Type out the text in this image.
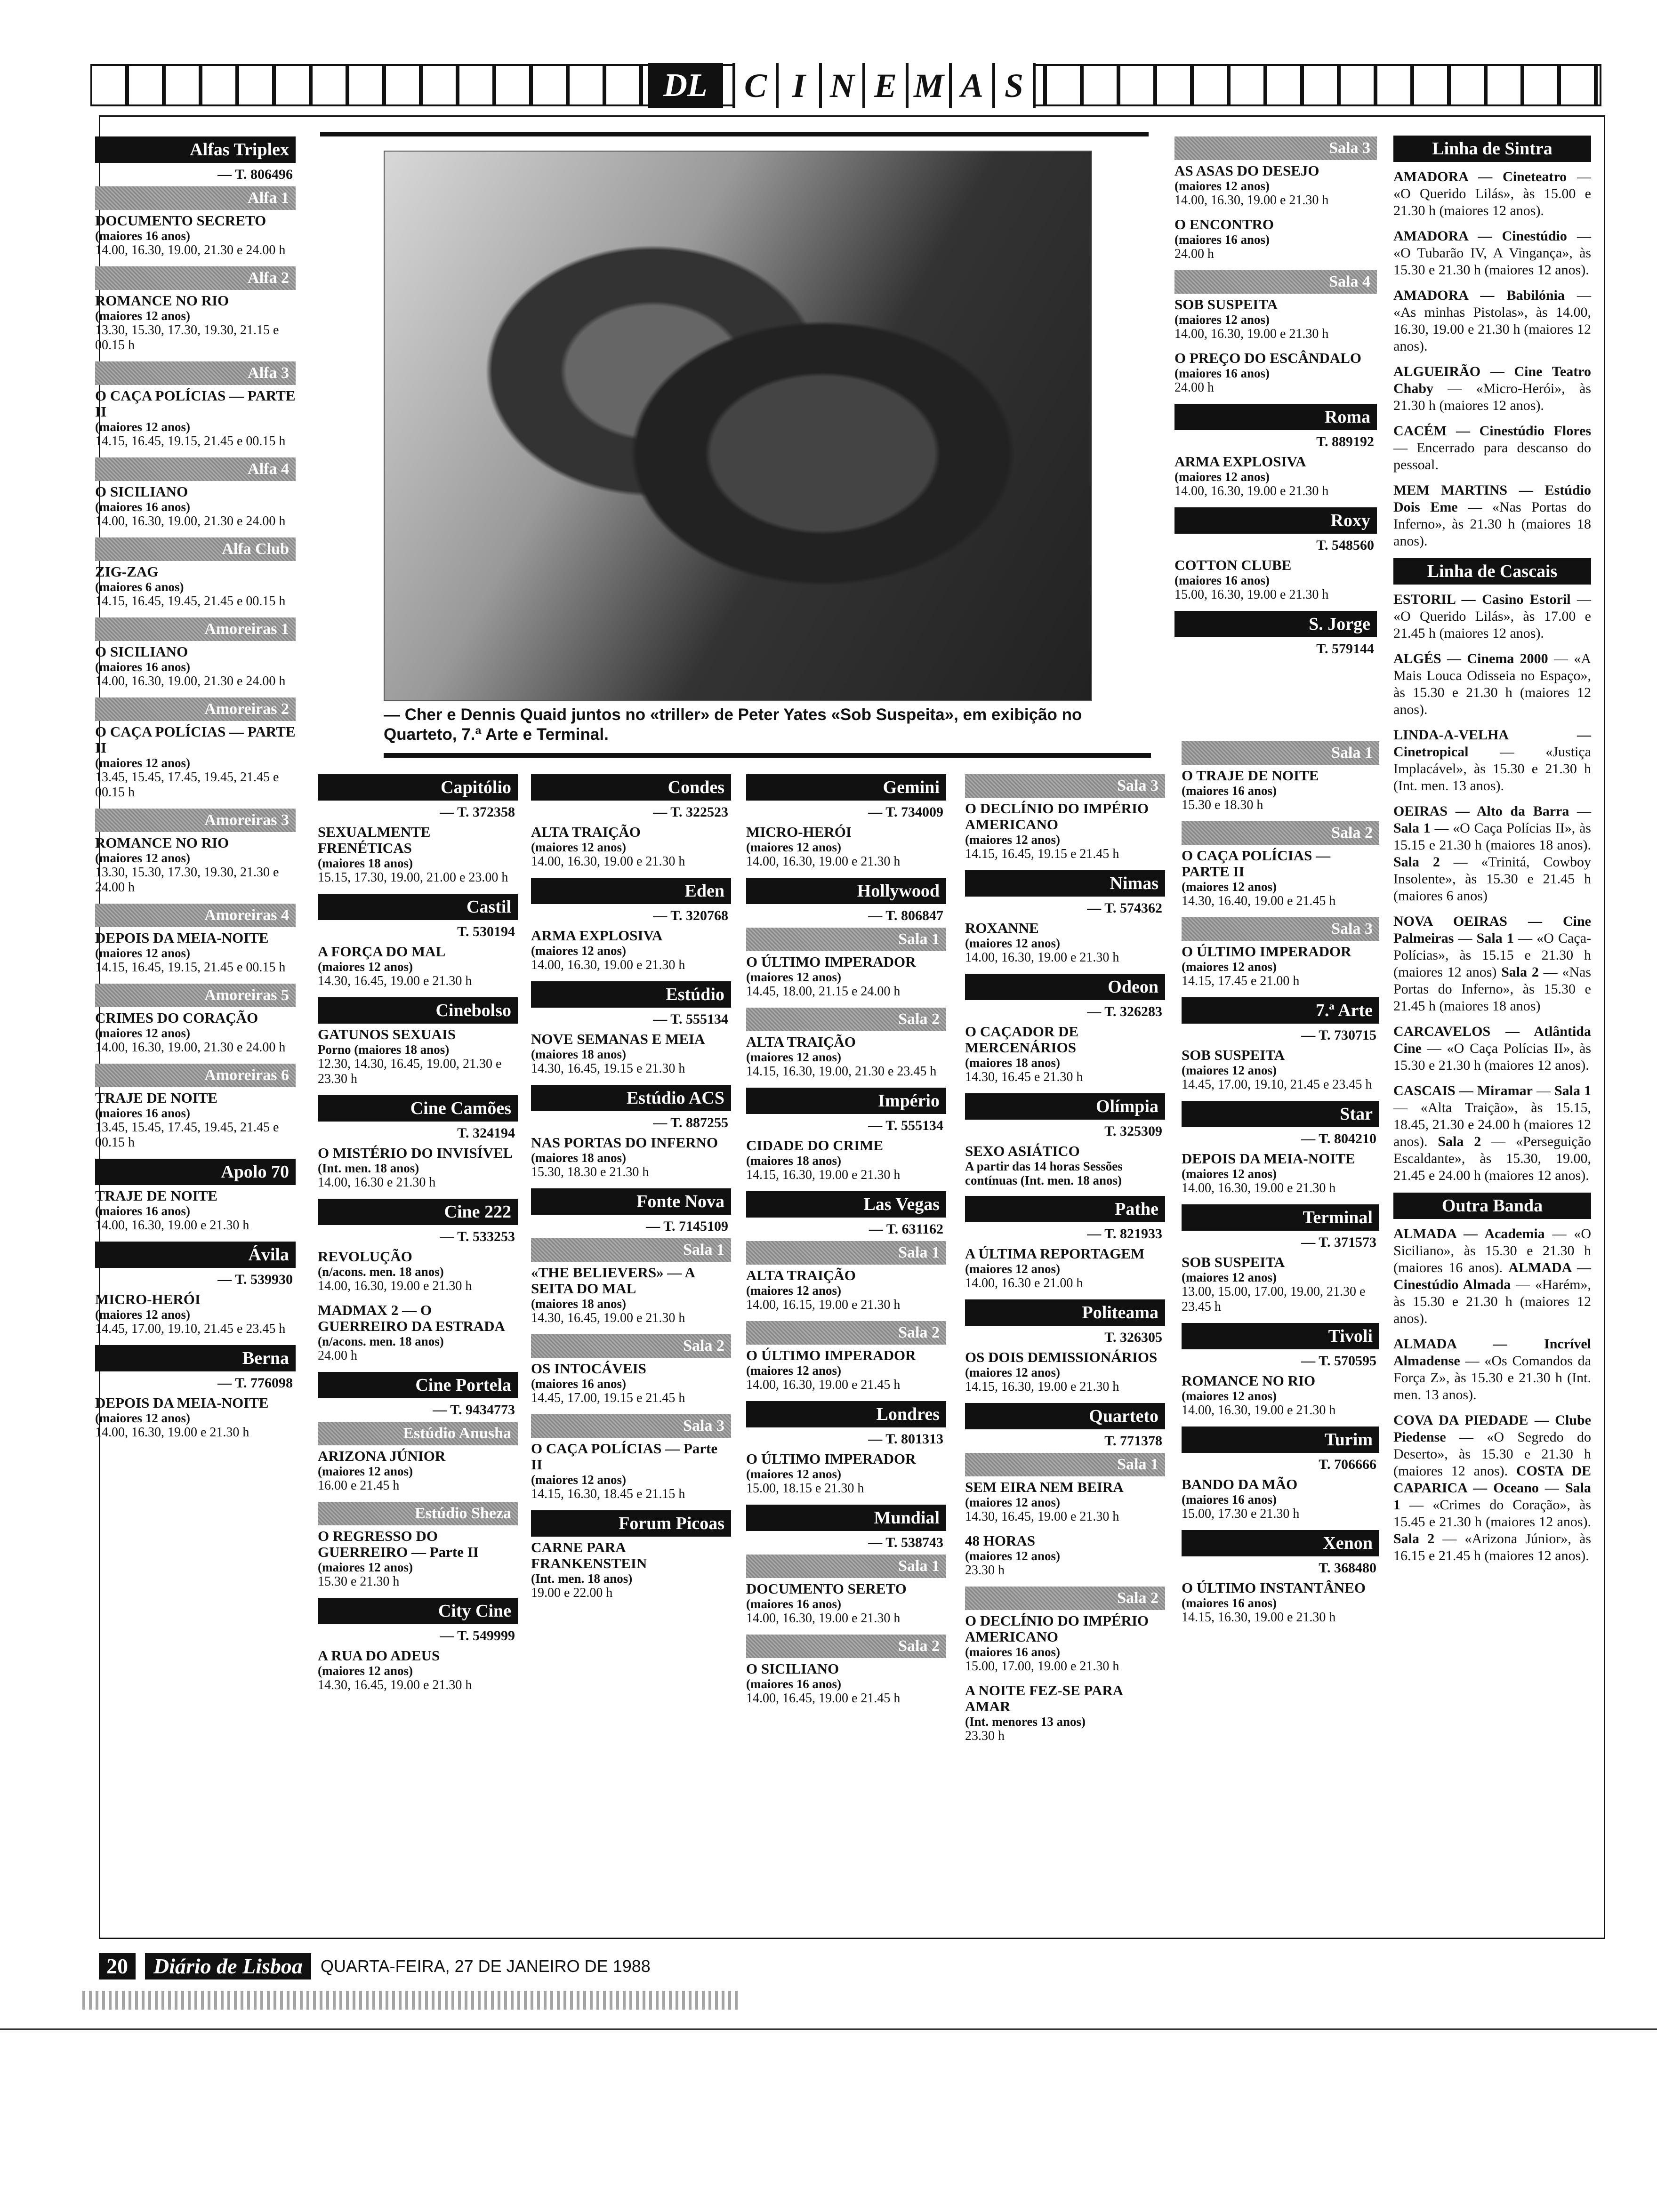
DL	C I N E M A S
— Cher e Dennis Quaid juntos no «triller» de Peter Yates «Sob Suspeita», em exibição no Quarteto, 7.ª Arte e Terminal.
Alfas Triplex
— T. 806496
Alfa 1
DOCUMENTO SECRETO
(maiores 16 anos)
14.00, 16.30, 19.00, 21.30 e 24.00 h
Alfa 2
ROMANCE NO RIO
(maiores 12 anos)
13.30, 15.30, 17.30, 19.30, 21.15 e 00.15 h
Alfa 3
O CAÇA POLÍCIAS — PARTE II
(maiores 12 anos)
14.15, 16.45, 19.15, 21.45 e 00.15 h
Alfa 4
O SICILIANO
(maiores 16 anos)
14.00, 16.30, 19.00, 21.30 e 24.00 h
Alfa Club
ZIG-ZAG
(maiores 6 anos)
14.15, 16.45, 19.45, 21.45 e 00.15 h
Amoreiras 1
O SICILIANO
(maiores 16 anos)
14.00, 16.30, 19.00, 21.30 e 24.00 h
Amoreiras 2
O CAÇA POLÍCIAS — PARTE II
(maiores 12 anos)
13.45, 15.45, 17.45, 19.45, 21.45 e 00.15 h
Amoreiras 3
ROMANCE NO RIO
(maiores 12 anos)
13.30, 15.30, 17.30, 19.30, 21.30 e 24.00 h
Amoreiras 4
DEPOIS DA MEIA-NOITE
(maiores 12 anos)
14.15, 16.45, 19.15, 21.45 e 00.15 h
Amoreiras 5
CRIMES DO CORAÇÃO
(maiores 12 anos)
14.00, 16.30, 19.00, 21.30 e 24.00 h
Amoreiras 6
TRAJE DE NOITE
(maiores 16 anos)
13.45, 15.45, 17.45, 19.45, 21.45 e 00.15 h
Apolo 70
TRAJE DE NOITE
(maiores 16 anos)
14.00, 16.30, 19.00 e 21.30 h
Ávila
— T. 539930
MICRO-HERÓI
(maiores 12 anos)
14.45, 17.00, 19.10, 21.45 e 23.45 h
Berna
— T. 776098
DEPOIS DA MEIA-NOITE
(maiores 12 anos)
14.00, 16.30, 19.00 e 21.30 h
Capitólio
— T. 372358
SEXUALMENTE FRENÉTICAS
(maiores 18 anos)
15.15, 17.30, 19.00, 21.00 e 23.00 h
Castil
T. 530194
A FORÇA DO MAL
(maiores 12 anos)
14.30, 16.45, 19.00 e 21.30 h
Cinebolso
GATUNOS SEXUAIS
Porno (maiores 18 anos)
12.30, 14.30, 16.45, 19.00, 21.30 e 23.30 h
Cine Camões
T. 324194
O MISTÉRIO DO INVISÍVEL
(Int. men. 18 anos)
14.00, 16.30 e 21.30 h
Cine 222
— T. 533253
REVOLUÇÃO
(n/acons. men. 18 anos)
14.00, 16.30, 19.00 e 21.30 h
MADMAX 2 — O GUERREIRO DA ESTRADA
(n/acons. men. 18 anos)
24.00 h
Cine Portela
— T. 9434773
Estúdio Anusha
ARIZONA JÚNIOR
(maiores 12 anos)
16.00 e 21.45 h
Estúdio Sheza
O REGRESSO DO GUERREIRO — Parte II
(maiores 12 anos)
15.30 e 21.30 h
City Cine
— T. 549999
A RUA DO ADEUS
(maiores 12 anos)
14.30, 16.45, 19.00 e 21.30 h
Condes
— T. 322523
ALTA TRAIÇÃO
(maiores 12 anos)
14.00, 16.30, 19.00 e 21.30 h
Eden
— T. 320768
ARMA EXPLOSIVA
(maiores 12 anos)
14.00, 16.30, 19.00 e 21.30 h
Estúdio
— T. 555134
NOVE SEMANAS E MEIA
(maiores 18 anos)
14.30, 16.45, 19.15 e 21.30 h
Estúdio ACS
— T. 887255
NAS PORTAS DO INFERNO
(maiores 18 anos)
15.30, 18.30 e 21.30 h
Fonte Nova
— T. 7145109
Sala 1
«THE BELIEVERS» — A SEITA DO MAL
(maiores 18 anos)
14.30, 16.45, 19.00 e 21.30 h
Sala 2
OS INTOCÁVEIS
(maiores 16 anos)
14.45, 17.00, 19.15 e 21.45 h
Sala 3
O CAÇA POLÍCIAS — Parte II
(maiores 12 anos)
14.15, 16.30, 18.45 e 21.15 h
Forum Picoas
CARNE PARA FRANKENSTEIN
(Int. men. 18 anos)
19.00 e 22.00 h
Gemini
— T. 734009
MICRO-HERÓI
(maiores 12 anos)
14.00, 16.30, 19.00 e 21.30 h
Hollywood
— T. 806847
Sala 1
O ÚLTIMO IMPERADOR
(maiores 12 anos)
14.45, 18.00, 21.15 e 24.00 h
Sala 2
ALTA TRAIÇÃO
(maiores 12 anos)
14.15, 16.30, 19.00, 21.30 e 23.45 h
Império
— T. 555134
CIDADE DO CRIME
(maiores 18 anos)
14.15, 16.30, 19.00 e 21.30 h
Las Vegas
— T. 631162
Sala 1
ALTA TRAIÇÃO
(maiores 12 anos)
14.00, 16.15, 19.00 e 21.30 h
Sala 2
O ÚLTIMO IMPERADOR
(maiores 12 anos)
14.00, 16.30, 19.00 e 21.45 h
Londres
— T. 801313
O ÚLTIMO IMPERADOR
(maiores 12 anos)
15.00, 18.15 e 21.30 h
Mundial
— T. 538743
Sala 1
DOCUMENTO SERETO
(maiores 16 anos)
14.00, 16.30, 19.00 e 21.30 h
Sala 2
O SICILIANO
(maiores 16 anos)
14.00, 16.45, 19.00 e 21.45 h
Sala 3
O DECLÍNIO DO IMPÉRIO AMERICANO
(maiores 12 anos)
14.15, 16.45, 19.15 e 21.45 h
Nimas
— T. 574362
ROXANNE
(maiores 12 anos)
14.00, 16.30, 19.00 e 21.30 h
Odeon
— T. 326283
O CAÇADOR DE MERCENÁRIOS
(maiores 18 anos)
14.30, 16.45 e 21.30 h
Olímpia
T. 325309
SEXO ASIÁTICO
A partir das 14 horas Sessões contínuas (Int. men. 18 anos)
Pathe
— T. 821933
A ÚLTIMA REPORTAGEM
(maiores 12 anos)
14.00, 16.30 e 21.00 h
Politeama
T. 326305
OS DOIS DEMISSIONÁRIOS
(maiores 12 anos)
14.15, 16.30, 19.00 e 21.30 h
Quarteto
T. 771378
Sala 1
SEM EIRA NEM BEIRA
(maiores 12 anos)
14.30, 16.45, 19.00 e 21.30 h
48 HORAS
(maiores 12 anos)
23.30 h
Sala 2
O DECLÍNIO DO IMPÉRIO AMERICANO
(maiores 16 anos)
15.00, 17.00, 19.00 e 21.30 h
A NOITE FEZ-SE PARA AMAR
(Int. menores 13 anos)
23.30 h
Sala 3
AS ASAS DO DESEJO
(maiores 12 anos)
14.00, 16.30, 19.00 e 21.30 h
O ENCONTRO
(maiores 16 anos)
24.00 h
Sala 4
SOB SUSPEITA
(maiores 12 anos)
14.00, 16.30, 19.00 e 21.30 h
O PREÇO DO ESCÂNDALO
(maiores 16 anos)
24.00 h
Roma
T. 889192
ARMA EXPLOSIVA
(maiores 12 anos)
14.00, 16.30, 19.00 e 21.30 h
Roxy
T. 548560
COTTON CLUBE
(maiores 16 anos)
15.00, 16.30, 19.00 e 21.30 h
S. Jorge
T. 579144
Sala 1
O TRAJE DE NOITE
(maiores 16 anos)
15.30 e 18.30 h
Sala 2
O CAÇA POLÍCIAS — PARTE II
(maiores 12 anos)
14.30, 16.40, 19.00 e 21.45 h
Sala 3
O ÚLTIMO IMPERADOR
(maiores 12 anos)
14.15, 17.45 e 21.00 h
7.ª Arte
— T. 730715
SOB SUSPEITA
(maiores 12 anos)
14.45, 17.00, 19.10, 21.45 e 23.45 h
Star
— T. 804210
DEPOIS DA MEIA-NOITE
(maiores 12 anos)
14.00, 16.30, 19.00 e 21.30 h
Terminal
— T. 371573
SOB SUSPEITA
(maiores 12 anos)
13.00, 15.00, 17.00, 19.00, 21.30 e 23.45 h
Tivoli
— T. 570595
ROMANCE NO RIO
(maiores 12 anos)
14.00, 16.30, 19.00 e 21.30 h
Turim
T. 706666
BANDO DA MÃO
(maiores 16 anos)
15.00, 17.30 e 21.30 h
Xenon
T. 368480
O ÚLTIMO INSTANTÂNEO
(maiores 16 anos)
14.15, 16.30, 19.00 e 21.30 h
Linha de Sintra

AMADORA — Cineteatro — «O Querido Lilás», às 15.00 e 21.30 h (maiores 12 anos).

AMADORA — Cinestúdio — «O Tubarão IV, A Vingança», às 15.30 e 21.30 h (maiores 12 anos).

AMADORA — Babilónia — «As minhas Pistolas», às 14.00, 16.30, 19.00 e 21.30 h (maiores 12 anos).

ALGUEIRÃO — Cine Teatro Chaby — «Micro-Herói», às 21.30 h (maiores 12 anos).

CACÉM — Cinestúdio Flores — Encerrado para descanso do pessoal.

MEM MARTINS — Estúdio Dois Eme — «Nas Portas do Inferno», às 21.30 h (maiores 18 anos).

Linha de Cascais

ESTORIL — Casino Estoril — «O Querido Lilás», às 17.00 e 21.45 h (maiores 12 anos).

ALGÉS — Cinema 2000 — «A Mais Louca Odisseia no Espaço», às 15.30 e 21.30 h (maiores 12 anos).

LINDA-A-VELHA — Cinetropical — «Justiça Implacável», às 15.30 e 21.30 h (Int. men. 13 anos).

OEIRAS — Alto da Barra — Sala 1 — «O Caça Polícias II», às 15.15 e 21.30 h (maiores 18 anos). Sala 2 — «Trinitá, Cowboy Insolente», às 15.30 e 21.45 h (maiores 6 anos)

NOVA OEIRAS — Cine Palmeiras — Sala 1 — «O Caça-Polícias», às 15.15 e 21.30 h (maiores 12 anos) Sala 2 — «Nas Portas do Inferno», às 15.30 e 21.45 h (maiores 18 anos)

CARCAVELOS — Atlântida Cine — «O Caça Polícias II», às 15.30 e 21.30 h (maiores 12 anos).

CASCAIS — Miramar — Sala 1 — «Alta Traição», às 15.15, 18.45, 21.30 e 24.00 h (maiores 12 anos). Sala 2 — «Perseguição Escaldante», às 15.30, 19.00, 21.45 e 24.00 h (maiores 12 anos).

Outra Banda

ALMADA — Academia — «O Siciliano», às 15.30 e 21.30 h (maiores 16 anos). ALMADA — Cinestúdio Almada — «Harém», às 15.30 e 21.30 h (maiores 12 anos).

ALMADA — Incrível Almadense — «Os Comandos da Força Z», às 15.30 e 21.30 h (Int. men. 13 anos).

COVA DA PIEDADE — Clube Piedense — «O Segredo do Deserto», às 15.30 e 21.30 h (maiores 12 anos). COSTA DE CAPARICA — Oceano — Sala 1 — «Crimes do Coração», às 15.45 e 21.30 h (maiores 12 anos). Sala 2 — «Arizona Júnior», às 16.15 e 21.45 h (maiores 12 anos).

20	Diário de Lisboa	QUARTA-FEIRA, 27 DE JANEIRO DE 1988
